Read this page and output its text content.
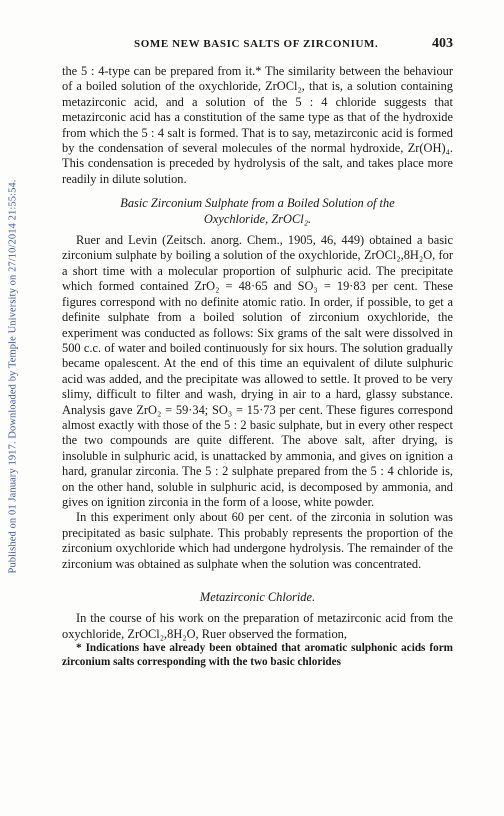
Published on 01 January 1917. Downloaded by Temple University on 27/10/2014 21:55:54.
SOME NEW BASIC SALTS OF ZIRCONIUM.	403

the 5 : 4-type can be prepared from it.* The similarity between the behaviour of a boiled solution of the oxychloride, ZrOCl₂, that is, a solution containing metazirconic acid, and a solution of the 5 : 4 chloride suggests that metazirconic acid has a constitution of the same type as that of the hydroxide from which the 5 : 4 salt is formed. That is to say, metazirconic acid is formed by the condensation of several molecules of the normal hydroxide, Zr(OH)₄. This condensation is preceded by hydrolysis of the salt, and takes place more readily in dilute solution.

Basic Zirconium Sulphate from a Boiled Solution of the
Oxychloride, ZrOCl₂.

Ruer and Levin (Zeitsch. anorg. Chem., 1905, 46, 449) obtained a basic zirconium sulphate by boiling a solution of the oxychloride, ZrOCl₂,8H₂O, for a short time with a molecular proportion of sulphuric acid. The precipitate which formed contained ZrO₂ = 48·65 and SO₃ = 19·83 per cent. These figures correspond with no definite atomic ratio. In order, if possible, to get a definite sulphate from a boiled solution of zirconium oxychloride, the experiment was conducted as follows: Six grams of the salt were dissolved in 500 c.c. of water and boiled continuously for six hours. The solution gradually became opalescent. At the end of this time an equivalent of dilute sulphuric acid was added, and the precipitate was allowed to settle. It proved to be very slimy, difficult to filter and wash, drying in air to a hard, glassy substance. Analysis gave ZrO₂ = 59·34; SO₃ = 15·73 per cent. These figures correspond almost exactly with those of the 5 : 2 basic sulphate, but in every other respect the two compounds are quite different. The above salt, after drying, is insoluble in sulphuric acid, is unattacked by ammonia, and gives on ignition a hard, granular zirconia. The 5 : 2 sulphate prepared from the 5 : 4 chloride is, on the other hand, soluble in sulphuric acid, is decomposed by ammonia, and gives on ignition zirconia in the form of a loose, white powder.

In this experiment only about 60 per cent. of the zirconia in solution was precipitated as basic sulphate. This probably represents the proportion of the zirconium oxychloride which had undergone hydrolysis. The remainder of the zirconium was obtained as sulphate when the solution was concentrated.

Metazirconic Chloride.

In the course of his work on the preparation of metazirconic acid from the oxychloride, ZrOCl₂,8H₂O, Ruer observed the formation,

* Indications have already been obtained that aromatic sulphonic acids form zirconium salts corresponding with the two basic chlorides
